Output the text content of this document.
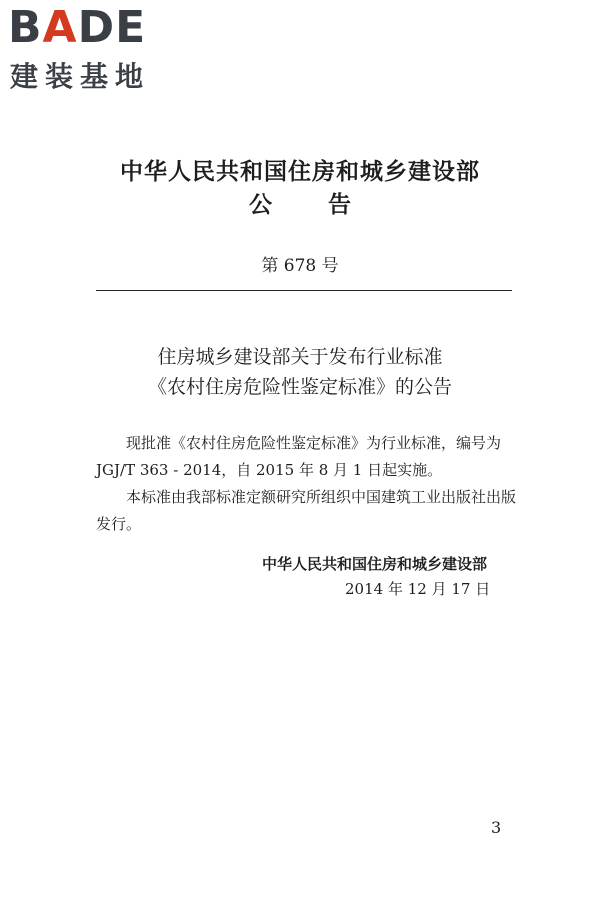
BADE
建装基地
中华人民共和国住房和城乡建设部
公 告
第 678 号
住房城乡建设部关于发布行业标准
《农村住房危险性鉴定标准》的公告

现批准《农村住房危险性鉴定标准》为行业标准，编号为

JGJ/T 363 - 2014，自 2015 年 8 月 1 日起实施。

本标准由我部标准定额研究所组织中国建筑工业出版社出版

发行。

中华人民共和国住房和城乡建设部
2014 年 12 月 17 日
3
